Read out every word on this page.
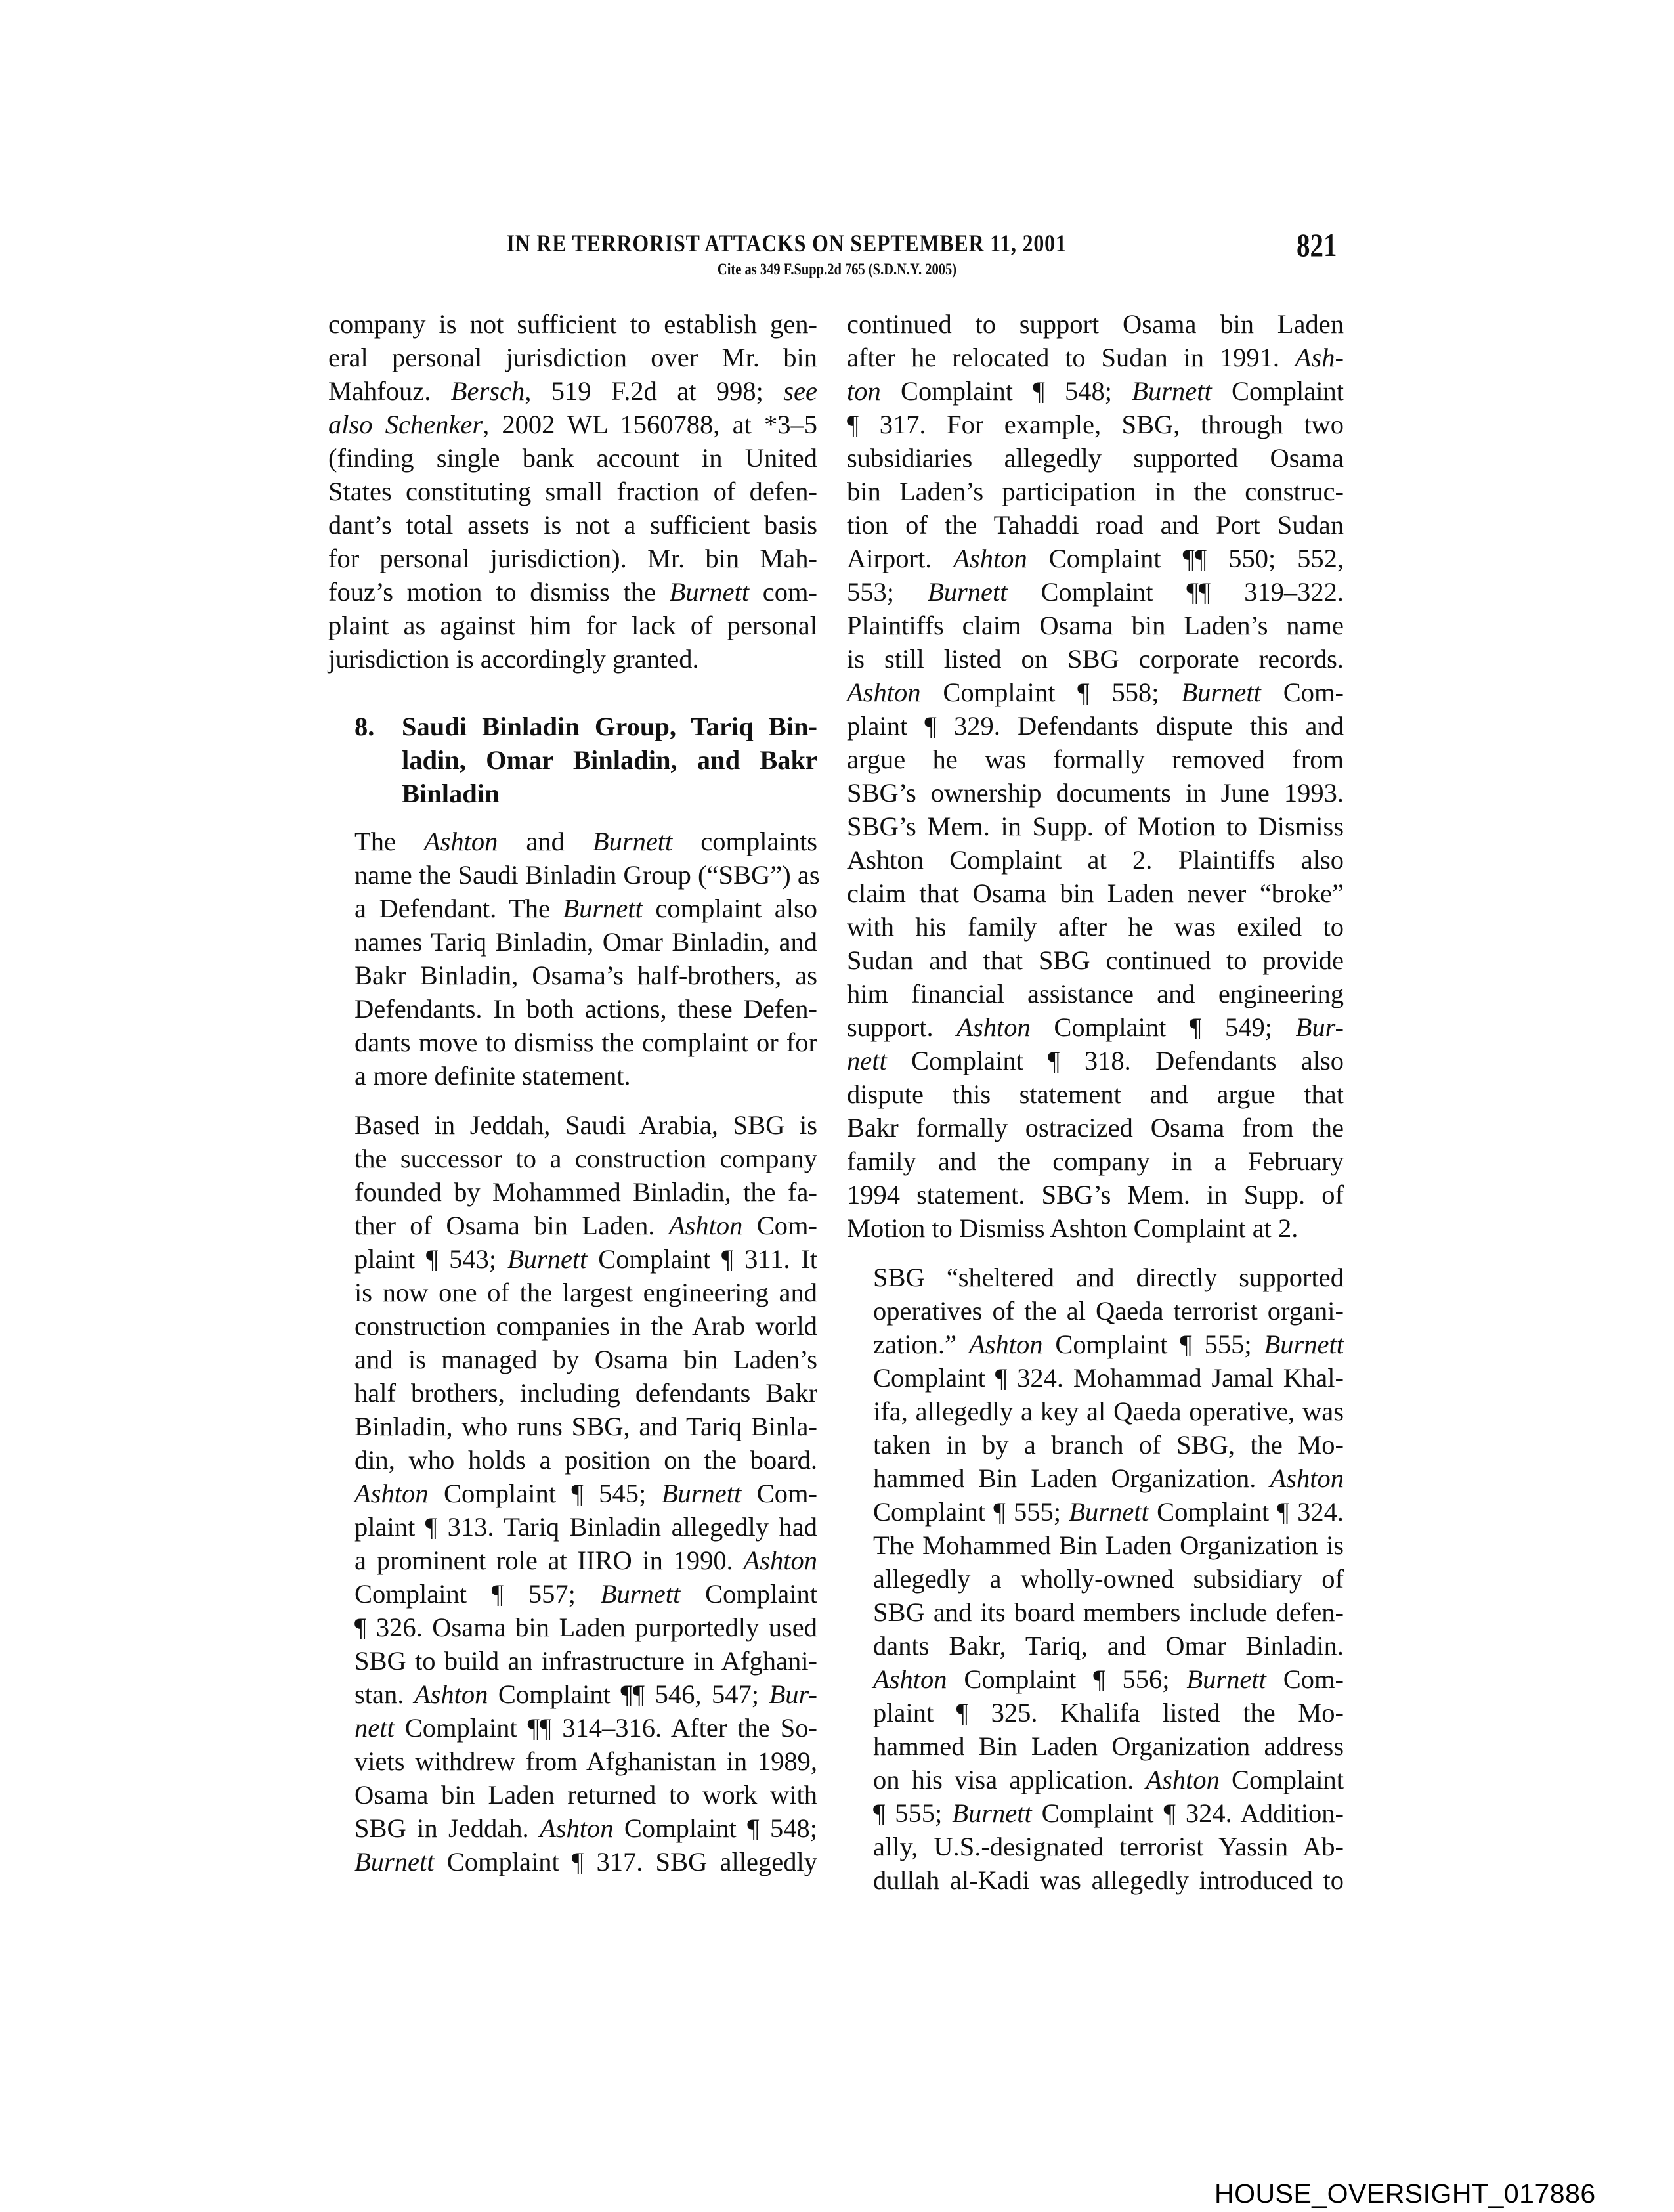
IN RE TERRORIST ATTACKS ON SEPTEMBER 11, 2001
Cite as 349 F.Supp.2d 765 (S.D.N.Y. 2005)
821

company is not sufficient to establish gen-
eral personal jurisdiction over Mr. bin
Mahfouz. Bersch, 519 F.2d at 998; see
also Schenker, 2002 WL 1560788, at *3–5
(finding single bank account in United
States constituting small fraction of defen-
dant’s total assets is not a sufficient basis
for personal jurisdiction). Mr. bin Mah-
fouz’s motion to dismiss the Burnett com-
plaint as against him for lack of personal
jurisdiction is accordingly granted.

8. Saudi Binladin Group, Tariq Bin-
ladin, Omar Binladin, and Bakr
Binladin

The Ashton and Burnett complaints
name the Saudi Binladin Group (“SBG”) as
a Defendant. The Burnett complaint also
names Tariq Binladin, Omar Binladin, and
Bakr Binladin, Osama’s half-brothers, as
Defendants. In both actions, these Defen-
dants move to dismiss the complaint or for
a more definite statement.

Based in Jeddah, Saudi Arabia, SBG is
the successor to a construction company
founded by Mohammed Binladin, the fa-
ther of Osama bin Laden. Ashton Com-
plaint ¶ 543; Burnett Complaint ¶ 311. It
is now one of the largest engineering and
construction companies in the Arab world
and is managed by Osama bin Laden’s
half brothers, including defendants Bakr
Binladin, who runs SBG, and Tariq Binla-
din, who holds a position on the board.
Ashton Complaint ¶ 545; Burnett Com-
plaint ¶ 313. Tariq Binladin allegedly had
a prominent role at IIRO in 1990. Ashton
Complaint ¶ 557; Burnett Complaint
¶ 326. Osama bin Laden purportedly used
SBG to build an infrastructure in Afghani-
stan. Ashton Complaint ¶¶ 546, 547; Bur-
nett Complaint ¶¶ 314–316. After the So-
viets withdrew from Afghanistan in 1989,
Osama bin Laden returned to work with
SBG in Jeddah. Ashton Complaint ¶ 548;
Burnett Complaint ¶ 317. SBG allegedly

continued to support Osama bin Laden
after he relocated to Sudan in 1991. Ash-
ton Complaint ¶ 548; Burnett Complaint
¶ 317. For example, SBG, through two
subsidiaries allegedly supported Osama
bin Laden’s participation in the construc-
tion of the Tahaddi road and Port Sudan
Airport. Ashton Complaint ¶¶ 550; 552,
553; Burnett Complaint ¶¶ 319–322.
Plaintiffs claim Osama bin Laden’s name
is still listed on SBG corporate records.
Ashton Complaint ¶ 558; Burnett Com-
plaint ¶ 329. Defendants dispute this and
argue he was formally removed from
SBG’s ownership documents in June 1993.
SBG’s Mem. in Supp. of Motion to Dismiss
Ashton Complaint at 2. Plaintiffs also
claim that Osama bin Laden never “broke”
with his family after he was exiled to
Sudan and that SBG continued to provide
him financial assistance and engineering
support. Ashton Complaint ¶ 549; Bur-
nett Complaint ¶ 318. Defendants also
dispute this statement and argue that
Bakr formally ostracized Osama from the
family and the company in a February
1994 statement. SBG’s Mem. in Supp. of
Motion to Dismiss Ashton Complaint at 2.

SBG “sheltered and directly supported
operatives of the al Qaeda terrorist organi-
zation.” Ashton Complaint ¶ 555; Burnett
Complaint ¶ 324. Mohammad Jamal Khal-
ifa, allegedly a key al Qaeda operative, was
taken in by a branch of SBG, the Mo-
hammed Bin Laden Organization. Ashton
Complaint ¶ 555; Burnett Complaint ¶ 324.
The Mohammed Bin Laden Organization is
allegedly a wholly-owned subsidiary of
SBG and its board members include defen-
dants Bakr, Tariq, and Omar Binladin.
Ashton Complaint ¶ 556; Burnett Com-
plaint ¶ 325. Khalifa listed the Mo-
hammed Bin Laden Organization address
on his visa application. Ashton Complaint
¶ 555; Burnett Complaint ¶ 324. Addition-
ally, U.S.-designated terrorist Yassin Ab-
dullah al-Kadi was allegedly introduced to

HOUSE_OVERSIGHT_017886
